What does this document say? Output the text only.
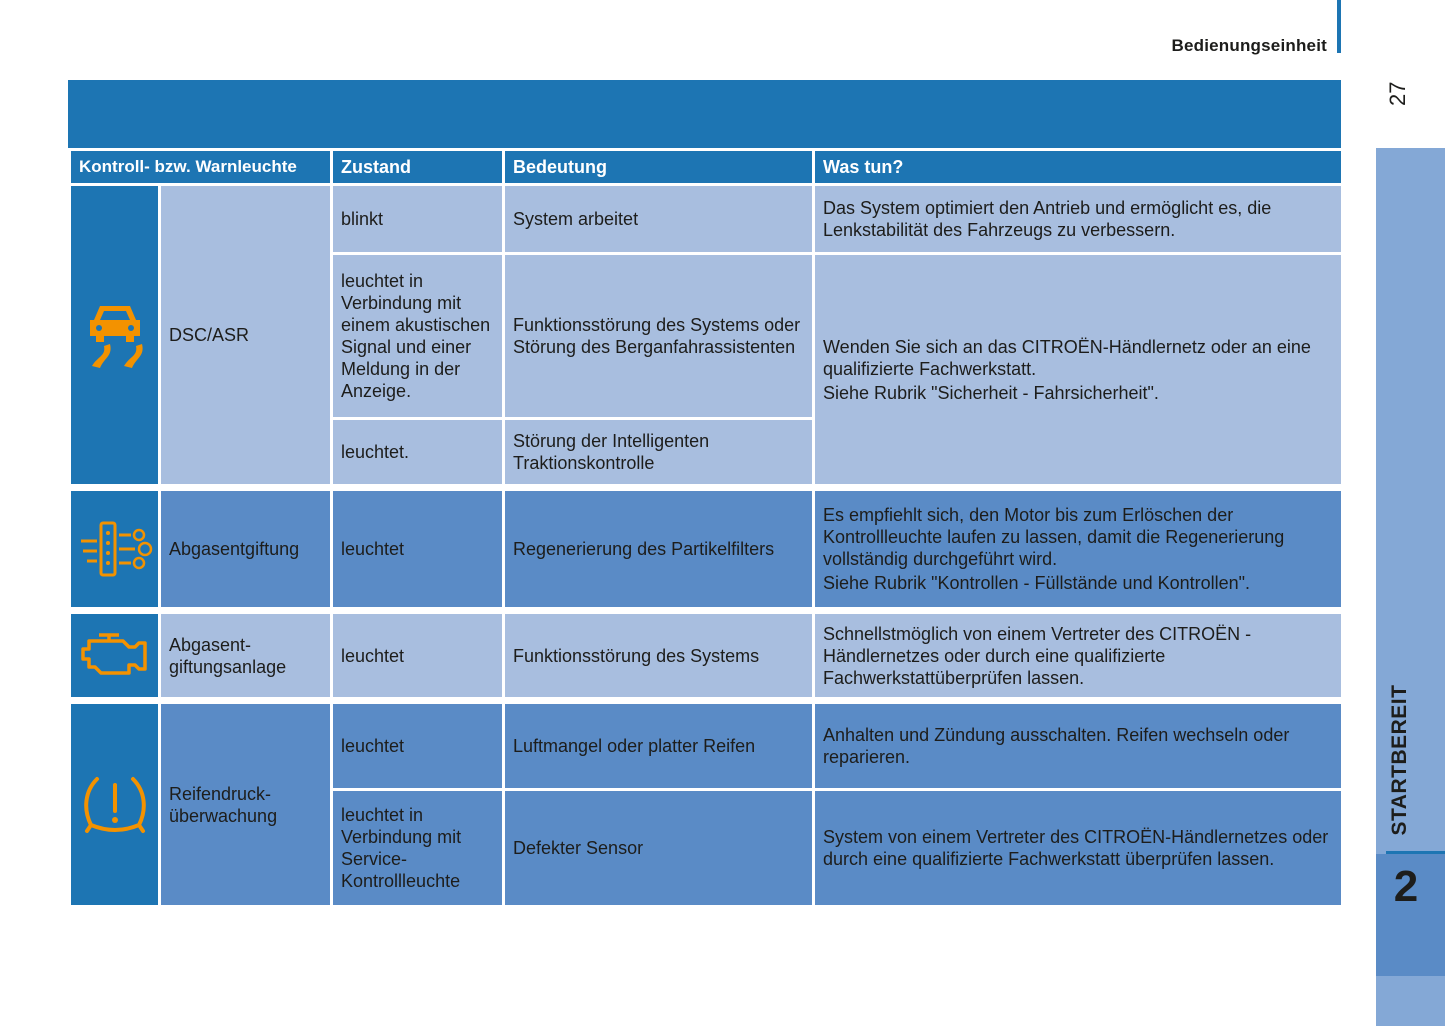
Bedienungseinheit
27
STARTBEREIT
2
Kontroll- bzw. Warnleuchte		Zustand	Bedeutung	Was tun?

	DSC/ASR	blinkt	System arbeitet	Das System optimiert den Antrieb und ermöglicht es, die Lenkstabilität des Fahrzeugs zu verbessern.
		leuchtet in Verbindung mit einem akustischen Signal und einer Meldung in der Anzeige.	Funktionsstörung des Systems oder Störung des Berganfahrassistenten	Wenden Sie sich an das CITROËN-Händlernetz oder an eine qualifizierte Fachwerkstatt.
Siehe Rubrik "Sicherheit - Fahrsicherheit".

		leuchtet.	Störung der Intelligenten Traktionskontrolle	

	Abgasentgiftung	leuchtet	Regenerierung des Partikelfilters	Es empfiehlt sich, den Motor bis zum Erlöschen der Kontrollleuchte laufen zu lassen, damit die Regenerierung vollständig durchgeführt wird.
Siehe Rubrik "Kontrollen - Füllstände und Kontrollen".

Abgasent-
giftungsanlage	leuchtet	Funktionsstörung des Systems	Schnellstmöglich von einem Vertreter des CITROËN -Händlernetzes oder durch eine qualifizierte Fachwerkstattüberprüfen lassen.

Reifendruck-
überwachung	leuchtet	Luftmangel oder platter Reifen	Anhalten und Zündung ausschalten. Reifen wechseln oder reparieren.
		leuchtet in Verbindung mit Service-Kontrollleuchte	Defekter Sensor	System von einem Vertreter des CITROËN-Händlernetzes oder durch eine qualifizierte Fachwerkstatt überprüfen lassen.
